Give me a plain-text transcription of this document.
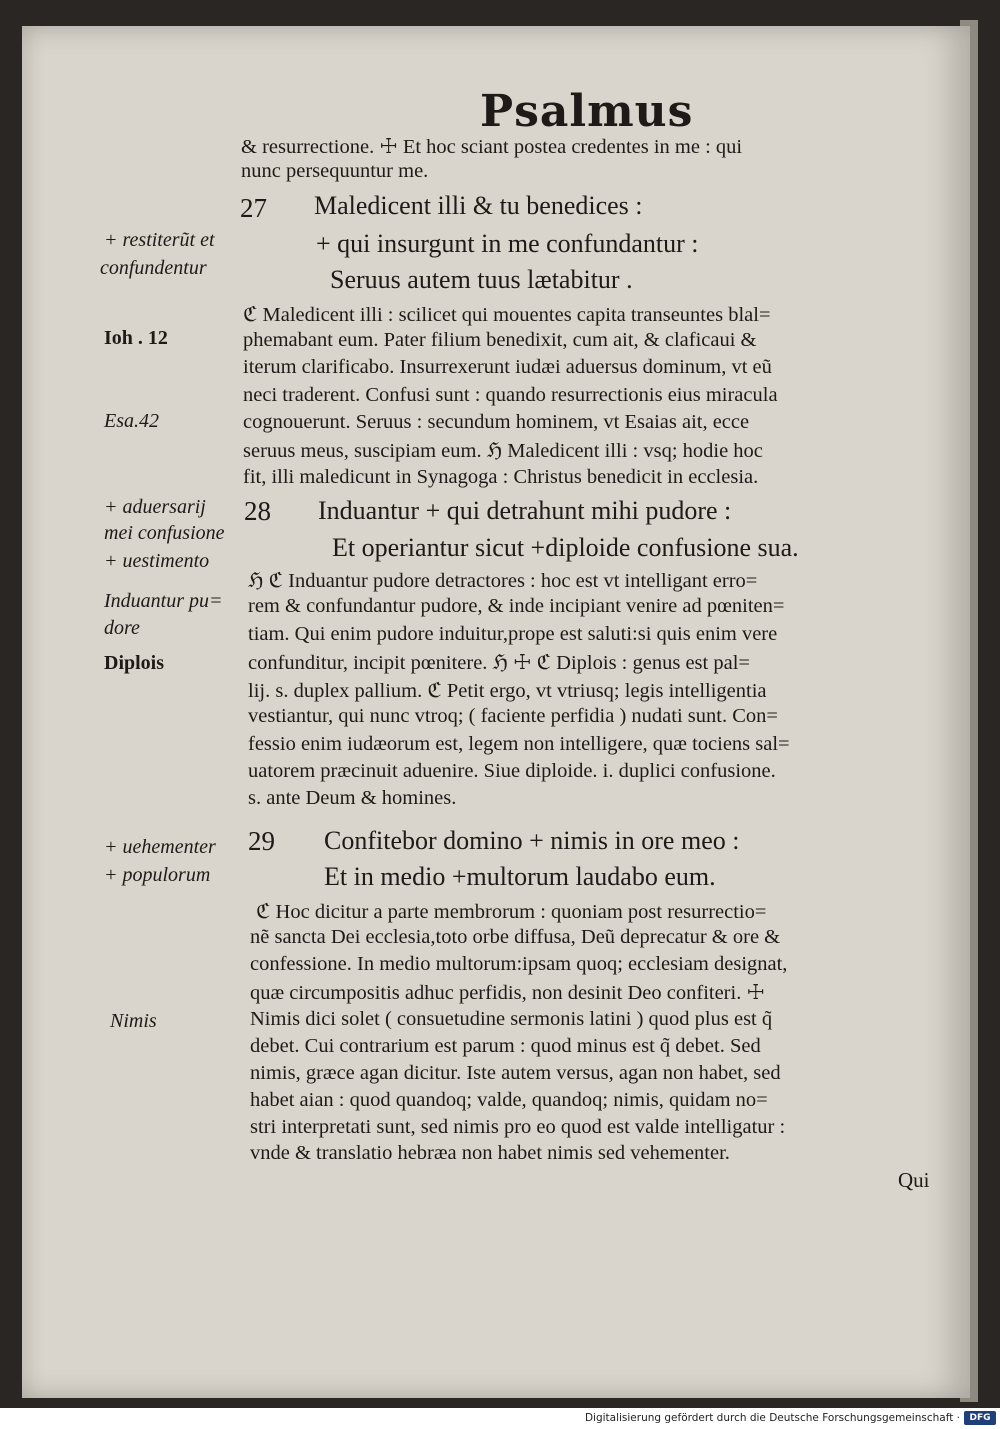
Psalmus
+ restiterũt et
confundentur
Ioh . 12
Esa.42
+ aduersarij
mei confusione
+ uestimento
Induantur pu=
dore
Diplois
+ uehementer
+ populorum
Nimis
27
28
29
& resurrectione. ☩ Et hoc sciant postea credentes in me : qui
nunc persequuntur me.
Maledicent illi & tu benedices :
+ qui insurgunt in me confundantur :
Seruus autem tuus lætabitur .
ℭ Maledicent illi : scilicet qui mouentes capita transeuntes blal=
phemabant eum. Pater filium benedixit, cum ait, & claficaui &
iterum clarificabo. Insurrexerunt iudæi aduersus dominum, vt eũ
neci traderent. Confusi sunt : quando resurrectionis eius miracula
cognouerunt. Seruus : secundum hominem, vt Esaias ait, ecce
seruus meus, suscipiam eum. ℌ Maledicent illi : vsq; hodie hoc
fit, illi maledicunt in Synagoga : Christus benedicit in ecclesia.
Induantur + qui detrahunt mihi pudore :
Et operiantur sicut +diploide confusione sua.
ℌ ℭ Induantur pudore detractores : hoc est vt intelligant erro=
rem & confundantur pudore, & inde incipiant venire ad pœniten=
tiam. Qui enim pudore induitur,prope est saluti:si quis enim vere
confunditur, incipit pœnitere. ℌ ☩ ℭ Diplois : genus est pal=
lij. s. duplex pallium. ℭ Petit ergo, vt vtriusq; legis intelligentia
vestiantur, qui nunc vtroq; ( faciente perfidia ) nudati sunt. Con=
fessio enim iudæorum est, legem non intelligere, quæ tociens sal=
uatorem præcinuit aduenire. Siue diploide. i. duplici confusione.
s. ante Deum & homines.
Confitebor domino + nimis in ore meo :
Et in medio +multorum laudabo eum.
ℭ Hoc dicitur a parte membrorum : quoniam post resurrectio=
nẽ sancta Dei ecclesia,toto orbe diffusa, Deũ deprecatur & ore &
confessione. In medio multorum:ipsam quoq; ecclesiam designat,
quæ circumpositis adhuc perfidis, non desinit Deo confiteri. ☩
Nimis dici solet ( consuetudine sermonis latini ) quod plus est q̃
debet. Cui contrarium est parum : quod minus est q̃ debet. Sed
nimis, græce agan dicitur. Iste autem versus, agan non habet, sed
habet aian : quod quandoq; valde, quandoq; nimis, quidam no=
stri interpretati sunt, sed nimis pro eo quod est valde intelligatur :
vnde & translatio hebræa non habet nimis sed vehementer.
Qui
Digitalisierung gefördert durch die Deutsche Forschungsgemeinschaft ·	DFG
